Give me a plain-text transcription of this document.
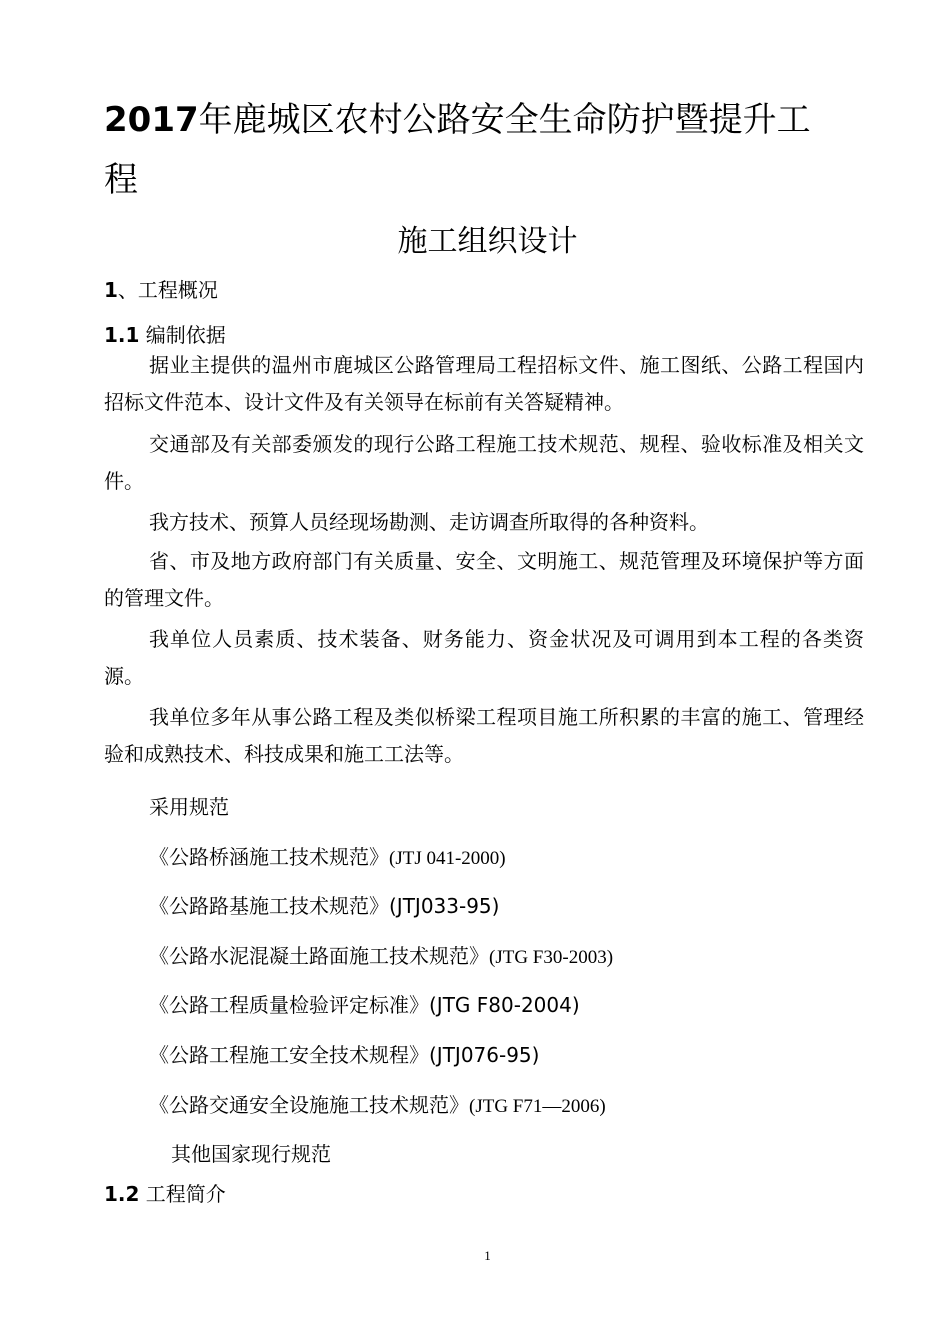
2017年鹿城区农村公路安全生命防护暨提升工
程
施工组织设计
1、工程概况
1.1 编制依据
据业主提供的温州市鹿城区公路管理局工程招标文件、施工图纸、公路工程国内招标文件范本、设计文件及有关领导在标前有关答疑精神。
交通部及有关部委颁发的现行公路工程施工技术规范、规程、验收标准及相关文件。
我方技术、预算人员经现场勘测、走访调查所取得的各种资料。
省、市及地方政府部门有关质量、安全、文明施工、规范管理及环境保护等方面的管理文件。
我单位人员素质、技术装备、财务能力、资金状况及可调用到本工程的各类资源。
我单位多年从事公路工程及类似桥梁工程项目施工所积累的丰富的施工、管理经验和成熟技术、科技成果和施工工法等。
采用规范
《公路桥涵施工技术规范》(JTJ 041-2000)
《公路路基施工技术规范》(JTJ033-95)
《公路水泥混凝土路面施工技术规范》(JTG F30-2003)
《公路工程质量检验评定标准》(JTG F80-2004)
《公路工程施工安全技术规程》(JTJ076-95)
《公路交通安全设施施工技术规范》(JTG F71—2006)
其他国家现行规范
1.2 工程简介
1
